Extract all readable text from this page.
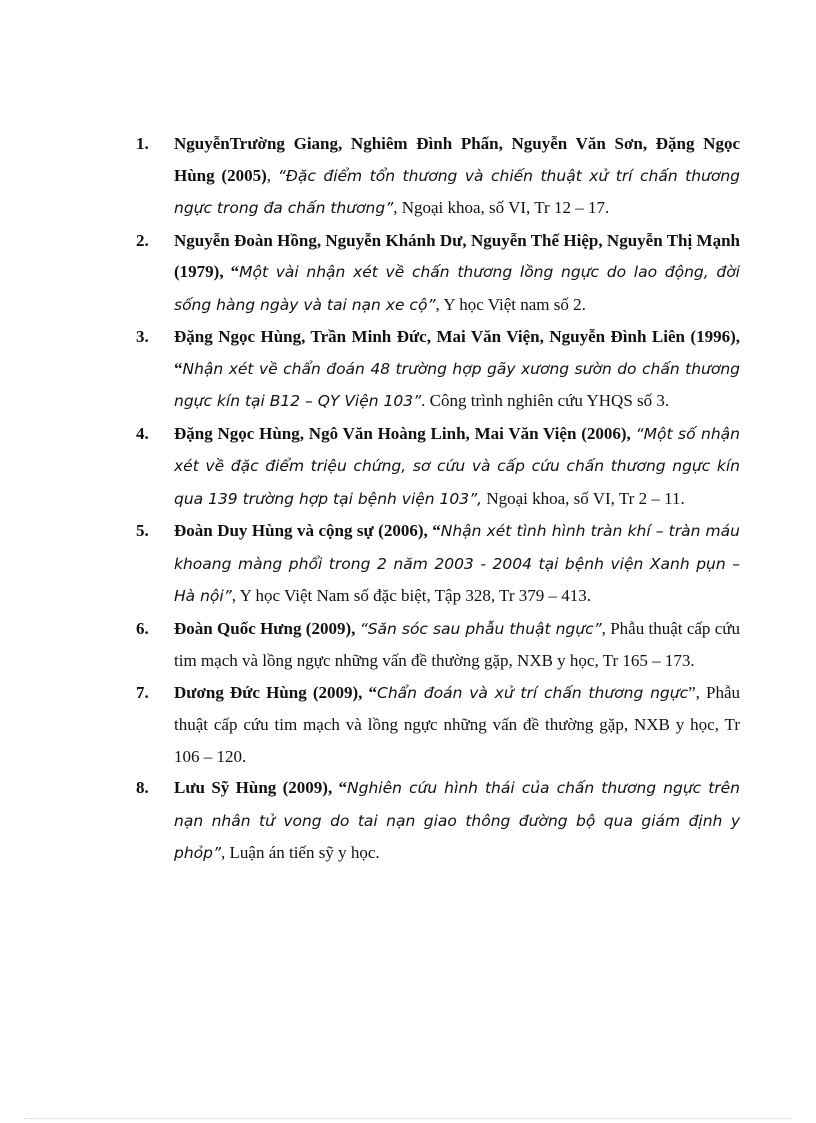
1.	NguyễnTrường Giang, Nghiêm Đình Phấn, Nguyễn Văn Sơn, Đặng Ngọc Hùng (2005), “Đặc điểm tổn thương và chiến thuật xử trí chấn thương ngực trong đa chấn thương”, Ngoại khoa, số VI, Tr 12 – 17.
2.	Nguyễn Đoàn Hồng, Nguyễn Khánh Dư, Nguyễn Thế Hiệp, Nguyễn Thị Mạnh (1979), “Một vài nhận xét về chấn thương lồng ngực do lao động, đời sống hàng ngày và tai nạn xe cộ”, Y học Việt nam số 2.
3.	Đặng Ngọc Hùng, Trần Minh Đức, Mai Văn Viện, Nguyễn Đình Liên (1996), “Nhận xét về chẩn đoán 48 trường hợp gãy xương sườn do chấn thương ngực kín tại B12 – QY Viện 103”. Công trình nghiên cứu YHQS số 3.
4.	Đặng Ngọc Hùng, Ngô Văn Hoàng Linh, Mai Văn Viện (2006), “Một số nhận xét về đặc điểm triệu chứng, sơ cứu và cấp cứu chấn thương ngực kín qua 139 trường hợp tại bệnh viện 103”, Ngoại khoa, số VI, Tr 2 – 11.
5.	Đoàn Duy Hùng và cộng sự (2006), “Nhận xét tình hình tràn khí – tràn máu khoang màng phổi trong 2 năm 2003 - 2004 tại bệnh viện Xanh pụn – Hà nội”, Y học Việt Nam số đặc biệt, Tập 328, Tr 379 – 413.
6.	Đoàn Quốc Hưng (2009), “Săn sóc sau phẫu thuật ngực”, Phẫu thuật cấp cứu tim mạch và lồng ngực những vấn đề thường gặp, NXB y học, Tr 165 – 173.
7.	Dương Đức Hùng (2009), “Chẩn đoán và xử trí chấn thương ngực”, Phẫu thuật cấp cứu tim mạch và lồng ngực những vấn đề thường gặp, NXB y học, Tr 106 – 120.
8.	Lưu Sỹ Hùng (2009), “Nghiên cứu hình thái của chấn thương ngực trên nạn nhân tử vong do tai nạn giao thông đường bộ qua giám định y phỏp”, Luận án tiến sỹ y học.
